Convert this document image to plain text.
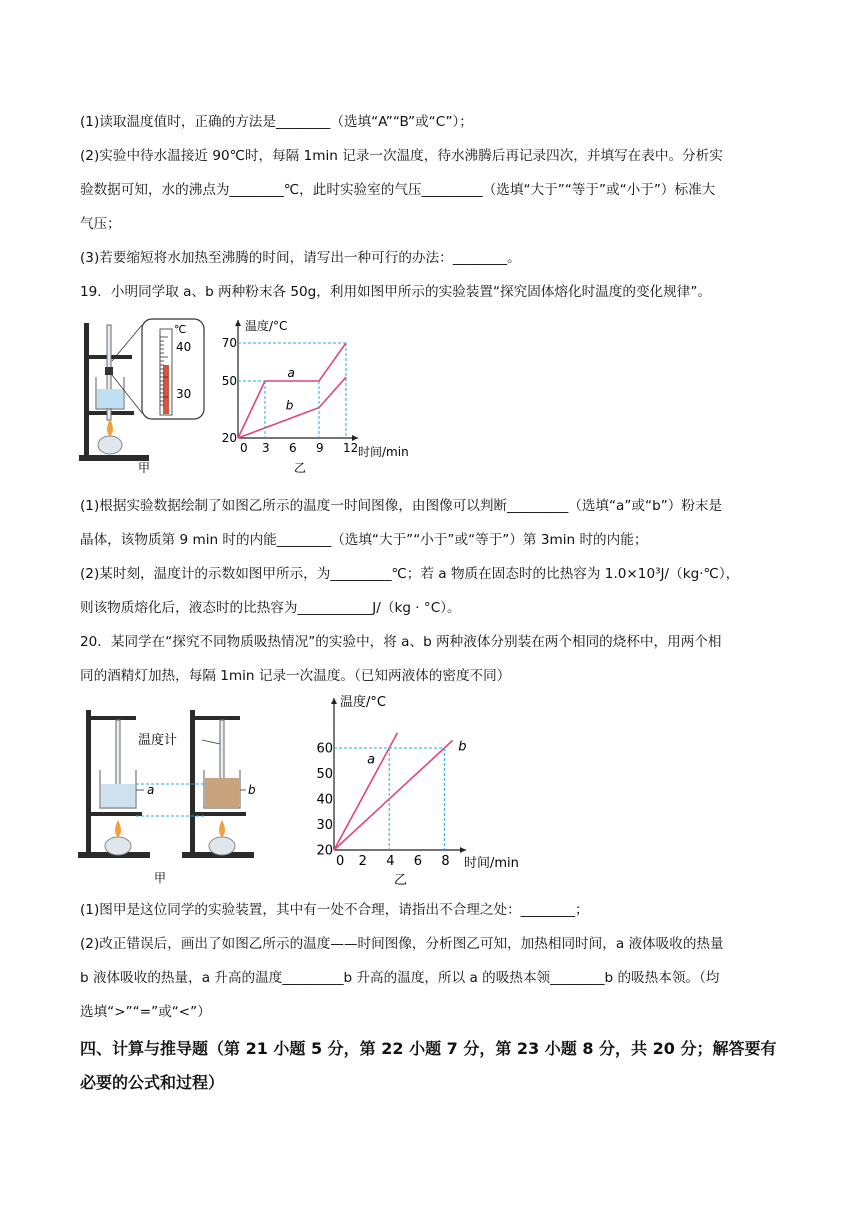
(1)读取温度值时，正确的方法是________（选填“A”“B”或“C”）；
(2)实验中待水温接近 90℃时，每隔 1min 记录一次温度，待水沸腾后再记录四次，并填写在表中。分析实
验数据可知，水的沸点为________℃，此时实验室的气压_________（选填“大于”“等于”或“小于”）标准大
气压；
(3)若要缩短将水加热至沸腾的时间，请写出一种可行的办法：________。
19．小明同学取 a、b 两种粉末各 50g，利用如图甲所示的实验装置“探究固体熔化时温度的变化规律”。
℃
40
30
甲
0 3 6 9 12
20
50
70
a
b
温度/°C
时间/min
乙
(1)根据实验数据绘制了如图乙所示的温度一时间图像，由图像可以判断_________（选填“a”或“b”）粉末是
晶体，该物质第 9 min 时的内能________（选填“大于”“小于”或“等于”）第 3min 时的内能；
(2)某时刻，温度计的示数如图甲所示，为_________℃；若 a 物质在固态时的比热容为 1.0×10³J/（kg·℃），
则该物质熔化后，液态时的比热容为___________J/（kg · °C）。
20．某同学在“探究不同物质吸热情况”的实验中，将 a、b 两种液体分别装在两个相同的烧杯中，用两个相
同的酒精灯加热，每隔 1min 记录一次温度。（已知两液体的密度不同）
a	b
温度计
甲
0 2 4 6 8
20
30
40
50
60
a
b
温度/°C
时间/min
乙
(1)图甲是这位同学的实验装置，其中有一处不合理，请指出不合理之处：________；
(2)改正错误后，画出了如图乙所示的温度——时间图像，分析图乙可知，加热相同时间，a 液体吸收的热量
b 液体吸收的热量，a 升高的温度_________b 升高的温度，所以 a 的吸热本领________b 的吸热本领。（均
选填“>”“=”或“<”）
四、计算与推导题（第 21 小题 5 分，第 22 小题 7 分，第 23 小题 8 分，共 20 分；解答要有
必要的公式和过程）
